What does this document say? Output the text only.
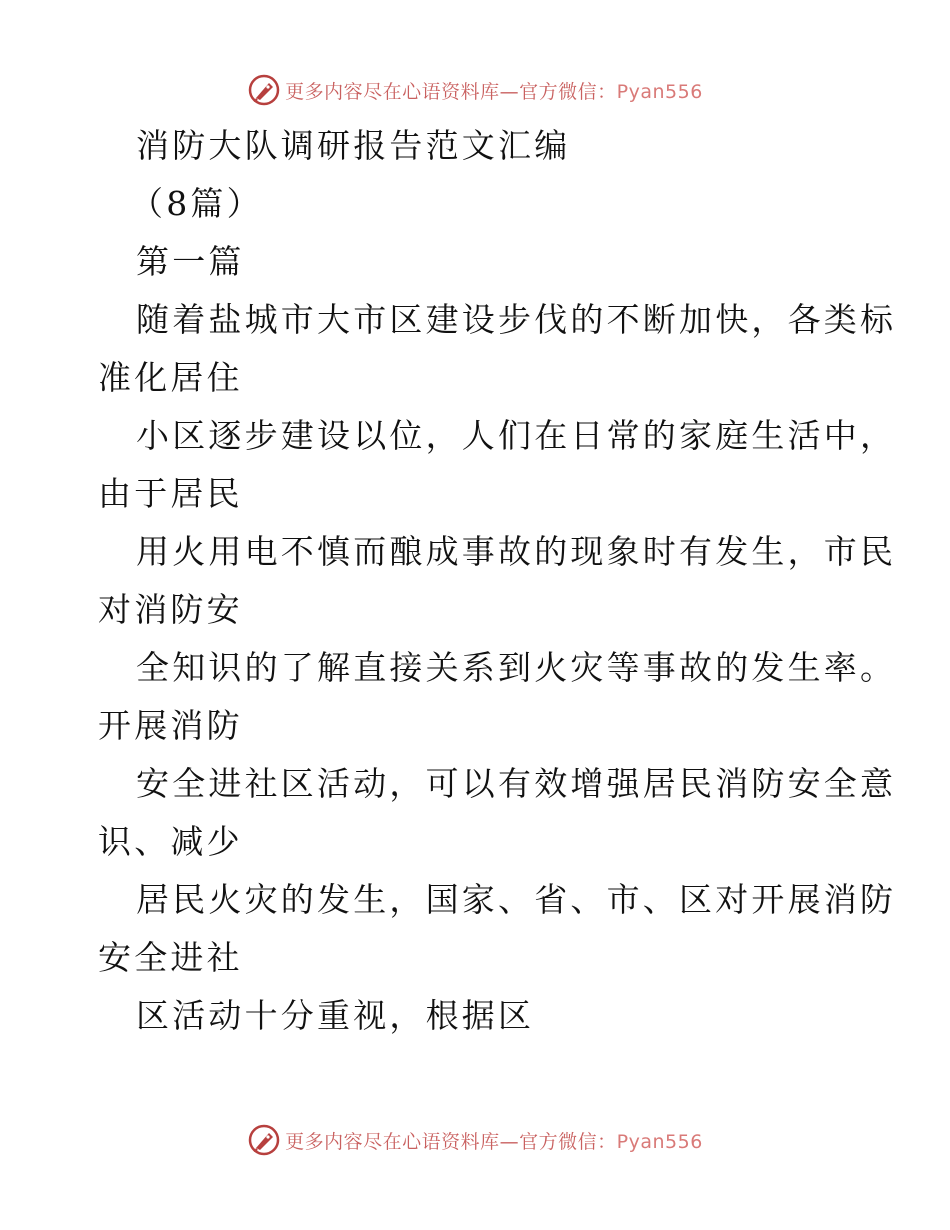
更多内容尽在心语资料库—官方微信：Pyan556
消防大队调研报告范文汇编
（8篇）
第一篇
随着盐城市大市区建设步伐的不断加快，各类标
准化居住
小区逐步建设以位，人们在日常的家庭生活中，
由于居民
用火用电不慎而酿成事故的现象时有发生，市民
对消防安
全知识的了解直接关系到火灾等事故的发生率。
开展消防
安全进社区活动，可以有效增强居民消防安全意
识、减少
居民火灾的发生，国家、省、市、区对开展消防
安全进社
区活动十分重视，根据区
更多内容尽在心语资料库—官方微信：Pyan556
